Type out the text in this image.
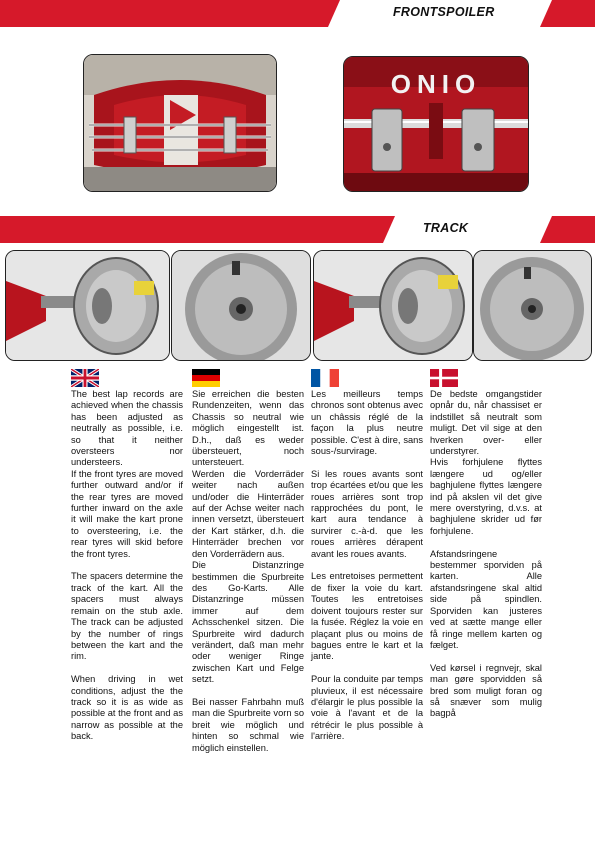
FRONTSPOILER
ONIO
TRACK

The best lap records are achieved when the chassis has been adjusted as neutrally as possible, i.e. so that it neither oversteers nor understeers.
If the front tyres are moved further outward and/or if the rear tyres are moved further inward on the axle it will make the kart prone to oversteering, i.e. the rear tyres will skid before the front tyres.

The spacers determine the track of the kart. All the spacers must always remain on the stub axle. The track can be adjusted by the number of rings between the kart and the rim.

When driving in wet conditions, adjust the the track so it is as wide as possible at the front and as narrow as possible at the back.

Sie erreichen die besten Rundenzeiten, wenn das Chassis so neutral wie möglich eingestellt ist. D.h., daß es weder übersteuert, noch untersteuert.
Werden die Vorderräder weiter nach außen und/oder die Hinterräder auf der Achse weiter nach innen versetzt, übersteuert der Kart stärker, d.h. die Hinterräder brechen vor den Vorderrädern aus.
Die Distanzringe bestimmen die Spurbreite des Go-Karts. Alle Distanzringe müssen immer auf dem Achsschenkel sitzen. Die Spurbreite wird dadurch verändert, daß man mehr oder weniger Ringe zwischen Kart und Felge setzt.

Bei nasser Fahrbahn muß man die Spurbreite vorn so breit wie möglich und hinten so schmal wie möglich einstellen.

Les meilleurs temps chronos sont obtenus avec un châssis réglé de la façon la plus neutre possible. C'est à dire, sans sous-/survirage.

Si les roues avants sont trop écartées et/ou que les roues arrières sont trop rapprochées du pont, le kart aura tendance à survirer c.-à-d. que les roues arrières dérapent avant les roues avants.

Les entretoises permettent de fixer la voie du kart. Toutes les entretoises doivent toujours rester sur la fusée. Réglez la voie en plaçant plus ou moins de bagues entre le kart et la jante.

Pour la conduite par temps pluvieux, il est nécessaire d'élargir le plus possible la voie à l'avant et de la rétrécir le plus possible à l'arrière.

De bedste omgangstider opnår du, når chassiset er indstillet så neutralt som muligt. Det vil sige at den hverken over- eller understyrer.
Hvis forhjulene flyttes længere ud og/eller baghjulene flyttes længere ind på akslen vil det give mere overstyring, d.v.s. at baghjulene skrider ud før forhjulene.

Afstandsringene bestemmer sporviden på karten. Alle afstandsringene skal altid side på spindlen. Sporviden kan justeres ved at sætte mange eller få ringe mellem karten og fælget.

Ved kørsel i regnvejr, skal man gøre sporvidden så bred som muligt foran og så snæver som mulig bagpå
